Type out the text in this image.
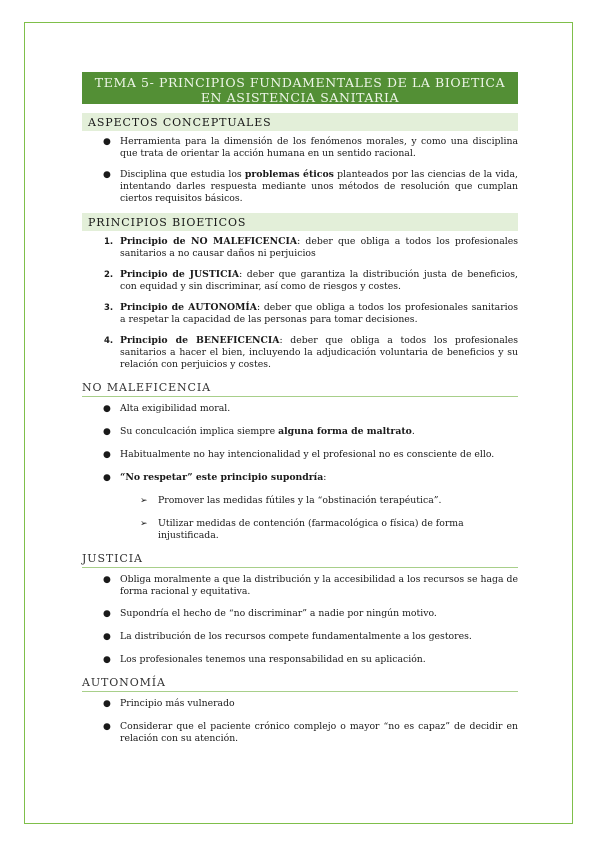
TEMA 5- PRINCIPIOS FUNDAMENTALES DE LA BIOETICA EN ASISTENCIA SANITARIA
ASPECTOS CONCEPTUALES
● Herramienta para la dimensión de los fenómenos morales, y como una disciplina que trata de orientar la acción humana en un sentido racional.
● Disciplina que estudia los problemas éticos planteados por las ciencias de la vida, intentando darles respuesta mediante unos métodos de resolución que cumplan ciertos requisitos básicos.
PRINCIPIOS BIOETICOS
1. Principio de NO MALEFICENCIA: deber que obliga a todos los profesionales sanitarios a no causar daños ni perjuicios
2. Principio de JUSTICIA: deber que garantiza la distribución justa de beneficios, con equidad y sin discriminar, así como de riesgos y costes.
3. Principio de AUTONOMÍA: deber que obliga a todos los profesionales sanitarios a respetar la capacidad de las personas para tomar decisiones.
4. Principio de BENEFICENCIA: deber que obliga a todos los profesionales sanitarios a hacer el bien, incluyendo la adjudicación voluntaria de beneficios y su relación con perjuicios y costes.
NO MALEFICENCIA
● Alta exigibilidad moral.
● Su conculcación implica siempre alguna forma de maltrato.
● Habitualmente no hay intencionalidad y el profesional no es consciente de ello.
● “No respetar” este principio supondría:
➢ Promover las medidas fútiles y la “obstinación terapéutica”.
➢ Utilizar medidas de contención (farmacológica o física) de forma injustificada.
JUSTICIA
● Obliga moralmente a que la distribución y la accesibilidad a los recursos se haga de forma racional y equitativa.
● Supondría el hecho de “no discriminar” a nadie por ningún motivo.
● La distribución de los recursos compete fundamentalmente a los gestores.
● Los profesionales tenemos una responsabilidad en su aplicación.
AUTONOMÍA
● Principio más vulnerado
● Considerar que el paciente crónico complejo o mayor “no es capaz” de decidir en relación con su atención.
